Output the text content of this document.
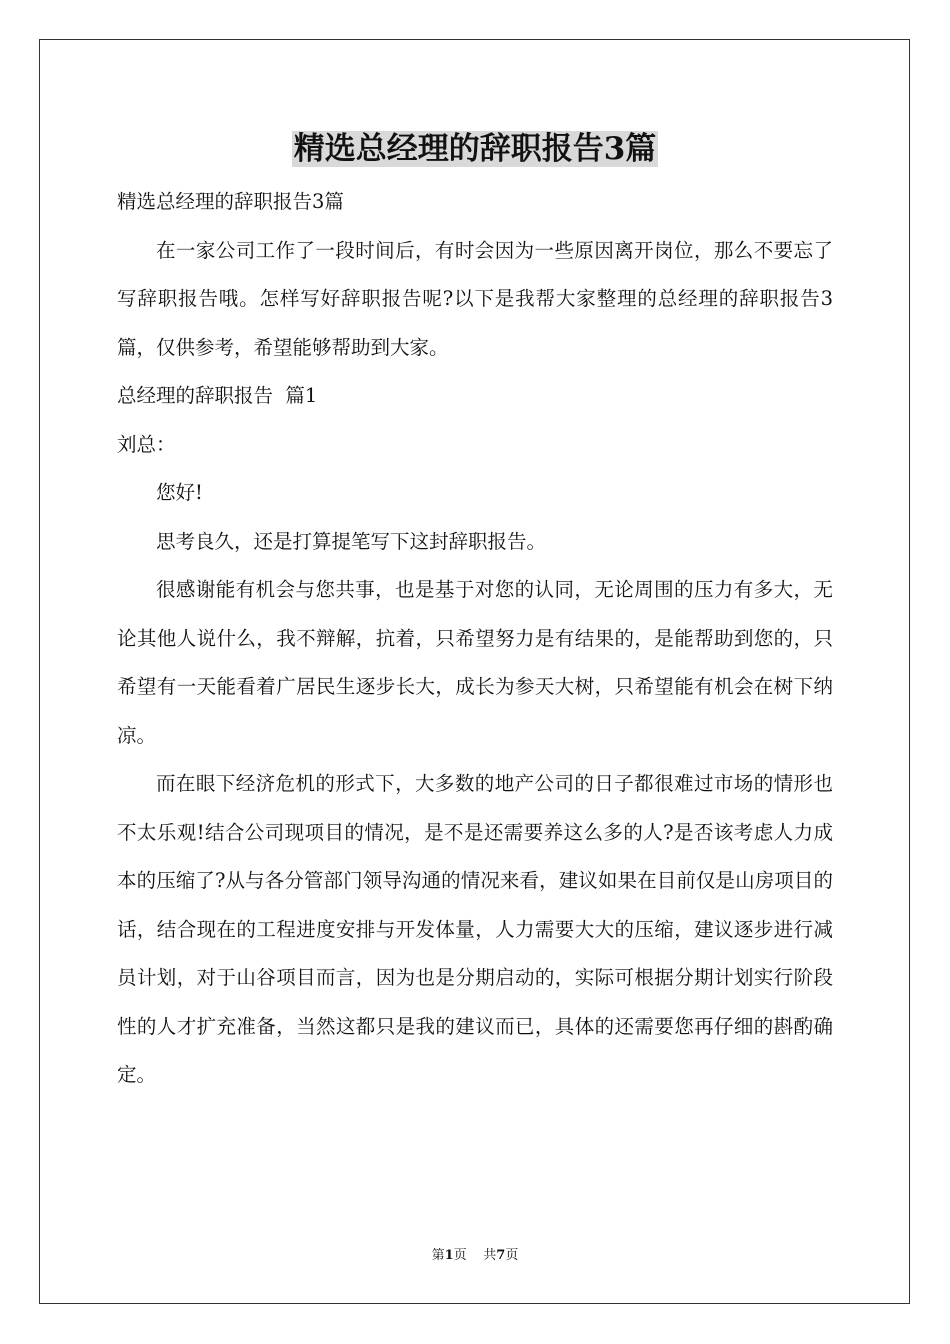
精选总经理的辞职报告3篇

精选总经理的辞职报告3篇

在一家公司工作了一段时间后，有时会因为一些原因离开岗位，那么不要忘了写辞职报告哦。怎样写好辞职报告呢?以下是我帮大家整理的总经理的辞职报告3篇，仅供参考，希望能够帮助到大家。

总经理的辞职报告  篇1

刘总：

您好!

思考良久，还是打算提笔写下这封辞职报告。

很感谢能有机会与您共事，也是基于对您的认同，无论周围的压力有多大，无论其他人说什么，我不辩解，抗着，只希望努力是有结果的，是能帮助到您的，只希望有一天能看着广居民生逐步长大，成长为参天大树，只希望能有机会在树下纳凉。

而在眼下经济危机的形式下，大多数的地产公司的日子都很难过市场的情形也不太乐观!结合公司现项目的情况，是不是还需要养这么多的人?是否该考虑人力成本的压缩了?从与各分管部门领导沟通的情况来看，建议如果在目前仅是山房项目的话，结合现在的工程进度安排与开发体量，人力需要大大的压缩，建议逐步进行减员计划，对于山谷项目而言，因为也是分期启动的，实际可根据分期计划实行阶段性的人才扩充准备，当然这都只是我的建议而已，具体的还需要您再仔细的斟酌确定。

第1页 共7页
